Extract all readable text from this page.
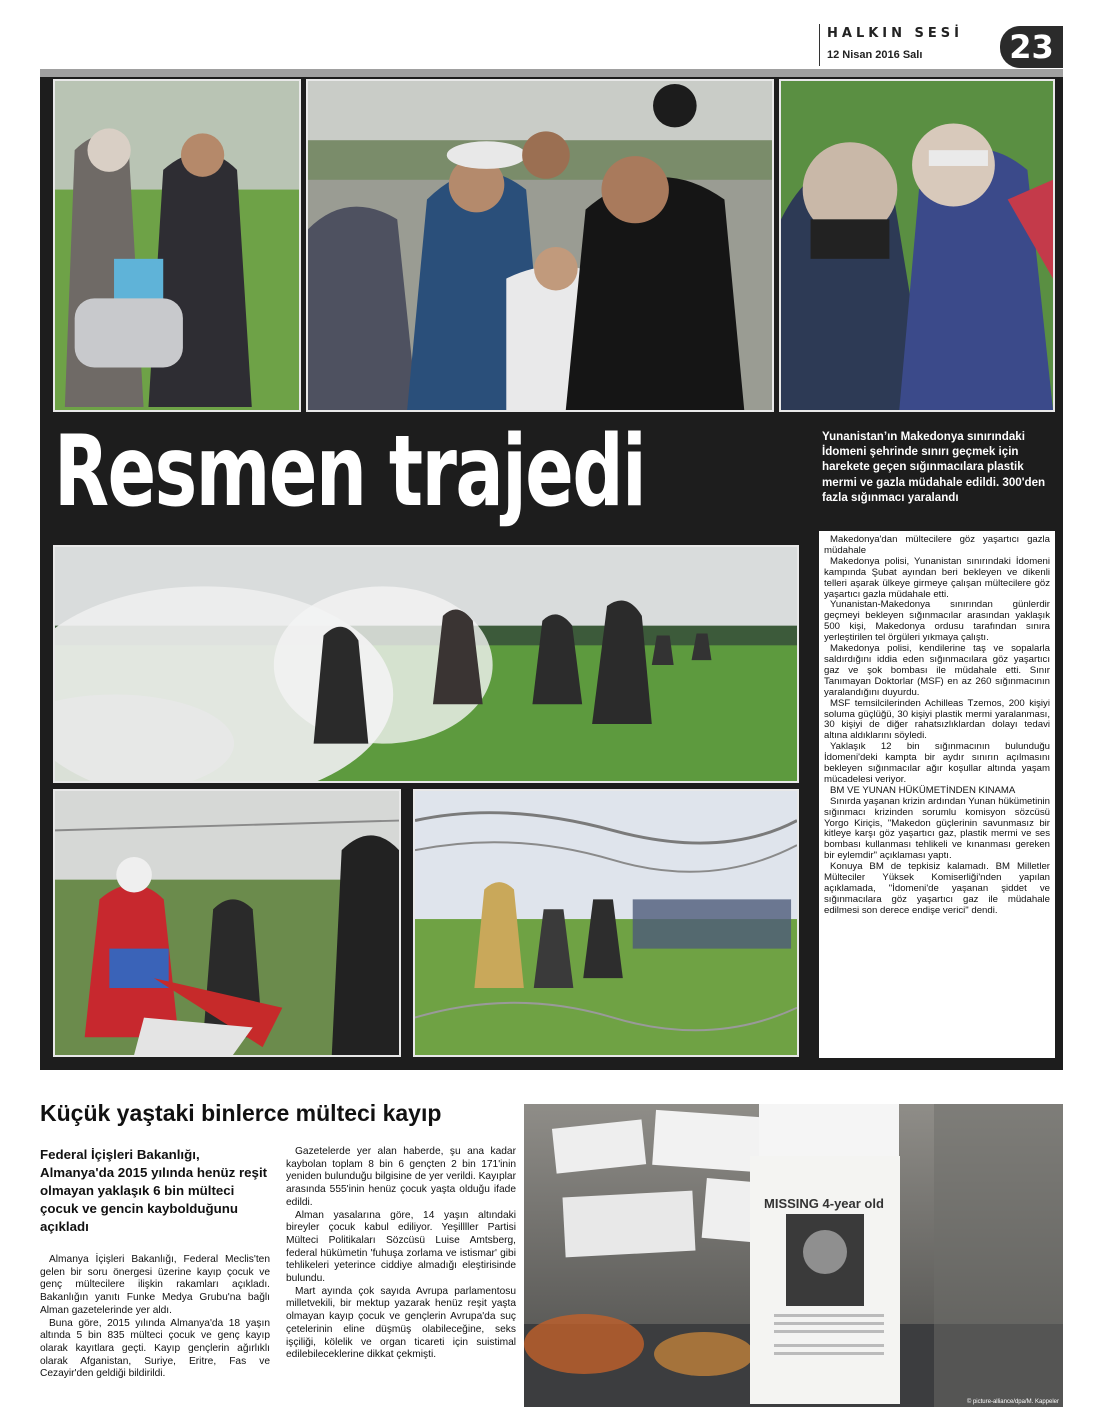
HALKIN SESİ
12 Nisan 2016 Salı	23
Resmen trajedi	Yunanistan’ın Makedonya sınırındaki İdomeni şehrinde sınırı geçmek için harekete geçen sığınmacılara plastik mermi ve gazla müdahale edildi. 300'den fazla sığınmacı yaralandı

Makedonya'dan mültecilere göz yaşartıcı gazla müdahale

Makedonya polisi, Yunanistan sınırındaki İdomeni kampında Şubat ayından beri bekleyen ve dikenli telleri aşarak ülkeye girmeye çalışan mültecilere göz yaşartıcı gazla müdahale etti.

Yunanistan-Makedonya sınırından günlerdir geçmeyi bekleyen sığınmacılar arasından yaklaşık 500 kişi, Makedonya ordusu tarafından sınıra yerleştirilen tel örgüleri yıkmaya çalıştı.

Makedonya polisi, kendilerine taş ve sopalarla saldırdığını iddia eden sığınmacılara göz yaşartıcı gaz ve şok bombası ile müdahale etti. Sınır Tanımayan Doktorlar (MSF) en az 260 sığınmacının yaralandığını duyurdu.

MSF temsilcilerinden Achilleas Tzemos, 200 kişiyi soluma güçlüğü, 30 kişiyi plastik mermi yaralanması, 30 kişiyi de diğer rahatsızlıklardan dolayı tedavi altına aldıklarını söyledi.

Yaklaşık 12 bin sığınmacının bulunduğu İdomeni'deki kampta bir aydır sınırın açılmasını bekleyen sığınmacılar ağır koşullar altında yaşam mücadelesi veriyor.

BM VE YUNAN HÜKÜMETİNDEN KINAMA

Sınırda yaşanan krizin ardından Yunan hükümetinin sığınmacı krizinden sorumlu komisyon sözcüsü Yorgo Kiriçis, "Makedon güçlerinin savunmasız bir kitleye karşı göz yaşartıcı gaz, plastik mermi ve ses bombası kullanması tehlikeli ve kınanması gereken bir eylemdir" açıklaması yaptı.

Konuya BM de tepkisiz kalamadı. BM Milletler Mülteciler Yüksek Komiserliği'nden yapılan açıklamada, "İdomeni'de yaşanan şiddet ve sığınmacılara göz yaşartıcı gaz ile müdahale edilmesi son derece endişe verici" dendi.

Küçük yaştaki binlerce mülteci kayıp
Federal İçişleri Bakanlığı, Almanya'da 2015 yılında henüz reşit olmayan yaklaşık 6 bin mülteci çocuk ve gencin kaybolduğunu açıkladı

Almanya İçişleri Bakanlığı, Federal Meclis'ten gelen bir soru önergesi üzerine kayıp çocuk ve genç mültecilere ilişkin rakamları açıkladı. Bakanlığın yanıtı Funke Medya Grubu'na bağlı Alman gazetelerinde yer aldı.

Buna göre, 2015 yılında Almanya'da 18 yaşın altında 5 bin 835 mülteci çocuk ve genç kayıp olarak kayıtlara geçti. Kayıp gençlerin ağırlıklı olarak Afganistan, Suriye, Eritre, Fas ve Cezayir'den geldiği bildirildi.

Gazetelerde yer alan haberde, şu ana kadar kaybolan toplam 8 bin 6 gençten 2 bin 171'inin yeniden bulunduğu bilgisine de yer verildi. Kayıplar arasında 555'inin henüz çocuk yaşta olduğu ifade edildi.

Alman yasalarına göre, 14 yaşın altındaki bireyler çocuk kabul ediliyor. Yeşillller Partisi Mülteci Politikaları Sözcüsü Luise Amtsberg, federal hükümetin 'fuhuşa zorlama ve istismar' gibi tehlikeleri yeterince ciddiye almadığı eleştirisinde bulundu.

Mart ayında çok sayıda Avrupa parlamentosu milletvekili, bir mektup yazarak henüz reşit yaşta olmayan kayıp çocuk ve gençlerin Avrupa'da suç çetelerinin eline düşmüş olabileceğine, seks işçiliği, kölelik ve organ ticareti için suistimal edilebileceklerine dikkat çekmişti.

MISSING 4-year old
© picture-alliance/dpa/M. Kappeler
